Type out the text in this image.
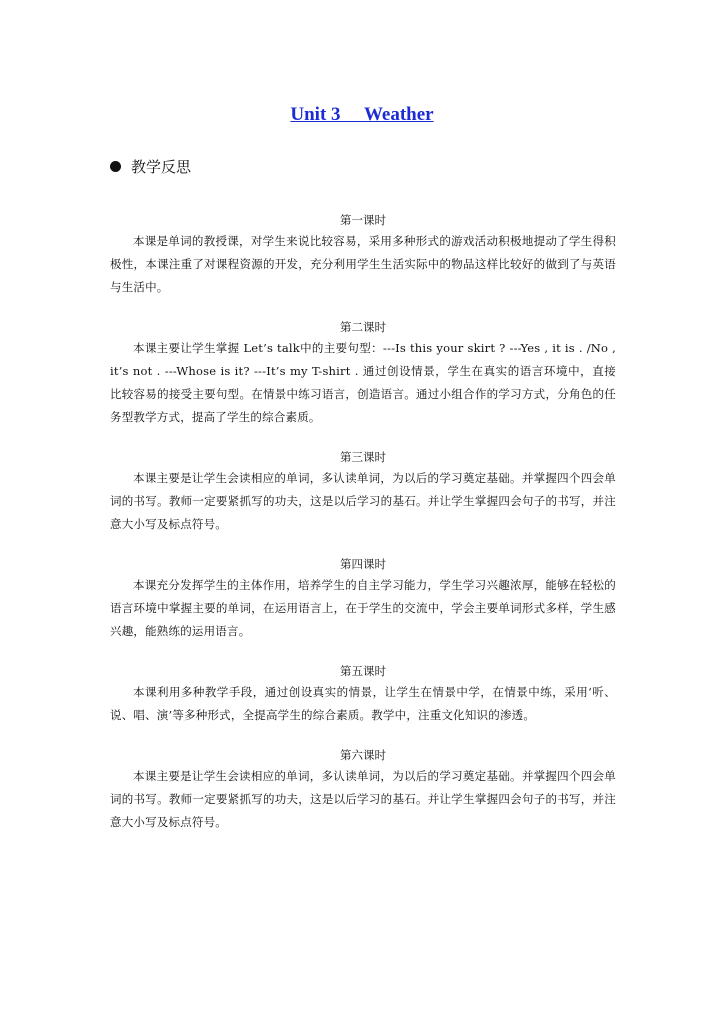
Unit 3     Weather
教学反思
第一课时
本课是单词的教授课，对学生来说比较容易，采用多种形式的游戏活动积极地提动了学生得积极性，本课注重了对课程资源的开发，充分利用学生生活实际中的物品这样比较好的做到了与英语与生活中。
第二课时
本课主要让学生掌握 Let’s talk中的主要句型：---Is this your skirt ? ---Yes , it is . /No , it’s not . ---Whose is it? ---It’s my T-shirt . 通过创设情景，学生在真实的语言环境中，直接比较容易的接受主要句型。在情景中练习语言，创造语言。通过小组合作的学习方式，分角色的任务型教学方式，提高了学生的综合素质。
第三课时
本课主要是让学生会读相应的单词，多认读单词，为以后的学习奠定基础。并掌握四个四会单词的书写。教师一定要紧抓写的功夫，这是以后学习的基石。并让学生掌握四会句子的书写，并注意大小写及标点符号。
第四课时
本课充分发挥学生的主体作用，培养学生的自主学习能力，学生学习兴趣浓厚，能够在轻松的语言环境中掌握主要的单词，在运用语言上，在于学生的交流中，学会主要单词形式多样，学生感兴趣，能熟练的运用语言。
第五课时
本课利用多种教学手段，通过创设真实的情景，让学生在情景中学，在情景中练，采用‘听、说、唱、演’等多种形式，全提高学生的综合素质。教学中，注重文化知识的渗透。
第六课时
本课主要是让学生会读相应的单词，多认读单词，为以后的学习奠定基础。并掌握四个四会单词的书写。教师一定要紧抓写的功夫，这是以后学习的基石。并让学生掌握四会句子的书写，并注意大小写及标点符号。
